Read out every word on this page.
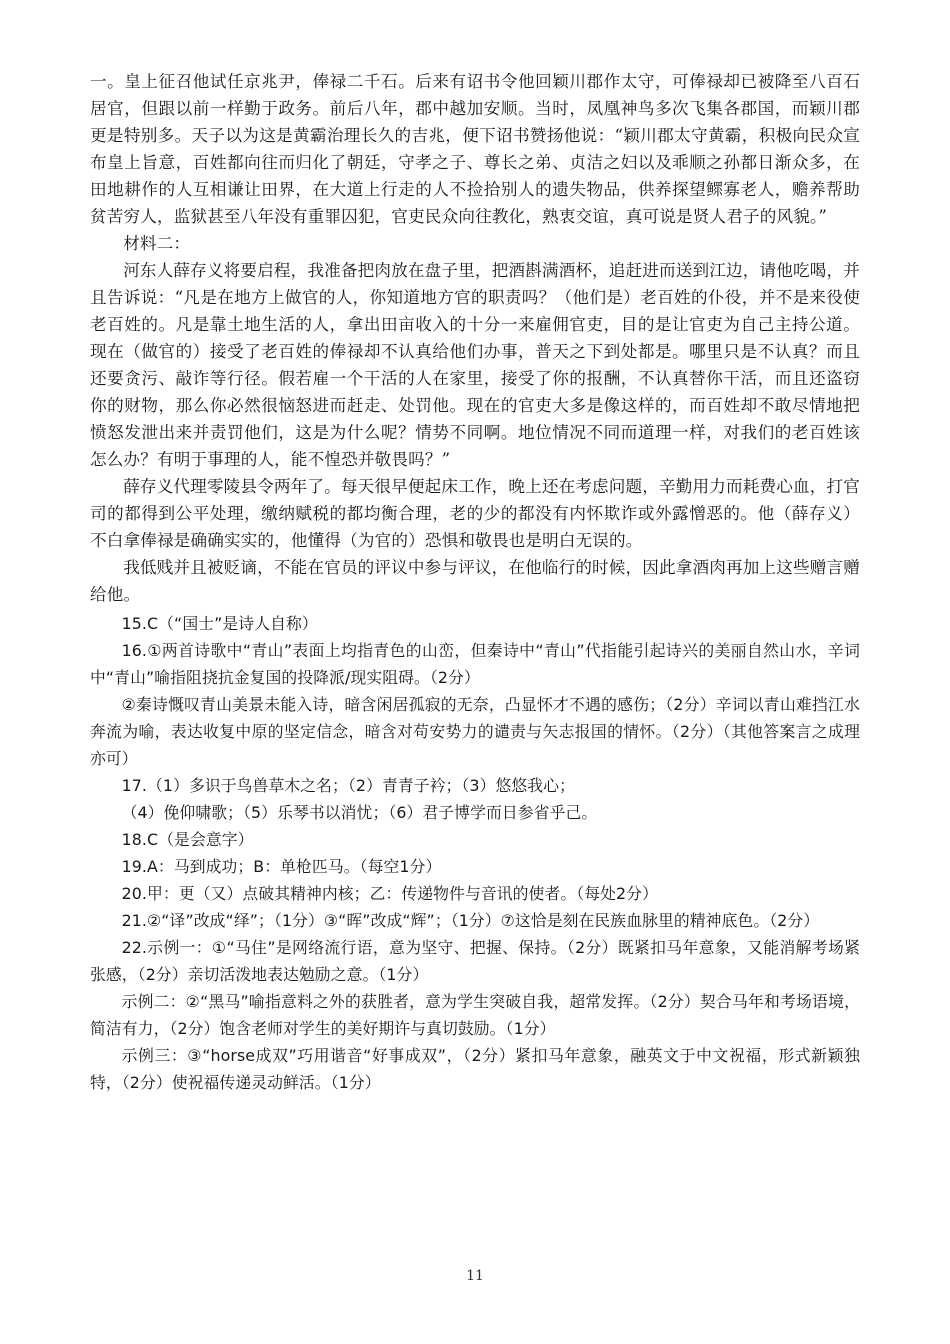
一。皇上征召他试任京兆尹，俸禄二千石。后来有诏书令他回颖川郡作太守，可俸禄却已被降至八百石居官，但跟以前一样勤于政务。前后八年，郡中越加安顺。当时，凤凰神鸟多次飞集各郡国，而颖川郡更是特别多。天子以为这是黄霸治理长久的吉兆，便下诏书赞扬他说：“颖川郡太守黄霸，积极向民众宣布皇上旨意，百姓都向往而归化了朝廷，守孝之子、尊长之弟、贞洁之妇以及乖顺之孙都日渐众多，在田地耕作的人互相谦让田界，在大道上行走的人不捡拾别人的遗失物品，供养探望鳏寡老人，赡养帮助贫苦穷人，监狱甚至八年没有重罪囚犯，官吏民众向往教化，熟衷交谊，真可说是贤人君子的风貌。”

材料二：

河东人薛存义将要启程，我准备把肉放在盘子里，把酒斟满酒杯，追赶进而送到江边，请他吃喝，并且告诉说：“凡是在地方上做官的人，你知道地方官的职责吗？（他们是）老百姓的仆役，并不是来役使老百姓的。凡是靠土地生活的人，拿出田亩收入的十分一来雇佣官吏，目的是让官吏为自己主持公道。现在（做官的）接受了老百姓的俸禄却不认真给他们办事，普天之下到处都是。哪里只是不认真？而且还要贪污、敲诈等行径。假若雇一个干活的人在家里，接受了你的报酬，不认真替你干活，而且还盗窃你的财物，那么你必然很恼怒进而赶走、处罚他。现在的官吏大多是像这样的，而百姓却不敢尽情地把愤怒发泄出来并责罚他们，这是为什么呢？情势不同啊。地位情况不同而道理一样，对我们的老百姓该怎么办？有明于事理的人，能不惶恐并敬畏吗？”

薛存义代理零陵县令两年了。每天很早便起床工作，晚上还在考虑问题，辛勤用力而耗费心血，打官司的都得到公平处理，缴纳赋税的都均衡合理，老的少的都没有内怀欺诈或外露憎恶的。他（薛存义）不白拿俸禄是确确实实的，他懂得（为官的）恐惧和敬畏也是明白无误的。

我低贱并且被贬谪，不能在官员的评议中参与评议，在他临行的时候，因此拿酒肉再加上这些赠言赠给他。

15.C（“国士”是诗人自称）

16.①两首诗歌中“青山”表面上均指青色的山峦，但秦诗中“青山”代指能引起诗兴的美丽自然山水，辛词中“青山”喻指阻挠抗金复国的投降派/现实阻碍。（2分）

②秦诗慨叹青山美景未能入诗，暗含闲居孤寂的无奈，凸显怀才不遇的感伤；（2分）辛词以青山难挡江水奔流为喻，表达收复中原的坚定信念，暗含对苟安势力的谴责与矢志报国的情怀。（2分）（其他答案言之成理亦可）

17.（1）多识于鸟兽草木之名；（2）青青子衿；（3）悠悠我心；

（4）俛仰啸歌；（5）乐琴书以消忧；（6）君子博学而日参省乎己。

18.C（是会意字）

19.A：马到成功；B：单枪匹马。（每空1分）

20.甲：更（又）点破其精神内核；乙：传递物件与音讯的使者。（每处2分）

21.②“译”改成“绎”；（1分）③“晖”改成“辉”；（1分）⑦这恰是刻在民族血脉里的精神底色。（2分）

22.示例一：①“马住”是网络流行语，意为坚守、把握、保持。（2分）既紧扣马年意象，又能消解考场紧张感，（2分）亲切活泼地表达勉励之意。（1分）

示例二：②“黑马”喻指意料之外的获胜者，意为学生突破自我，超常发挥。（2分）契合马年和考场语境，简洁有力，（2分）饱含老师对学生的美好期许与真切鼓励。（1分）

示例三：③“horse成双”巧用谐音“好事成双”，（2分）紧扣马年意象，融英文于中文祝福，形式新颖独特，（2分）使祝福传递灵动鲜活。（1分）

11
